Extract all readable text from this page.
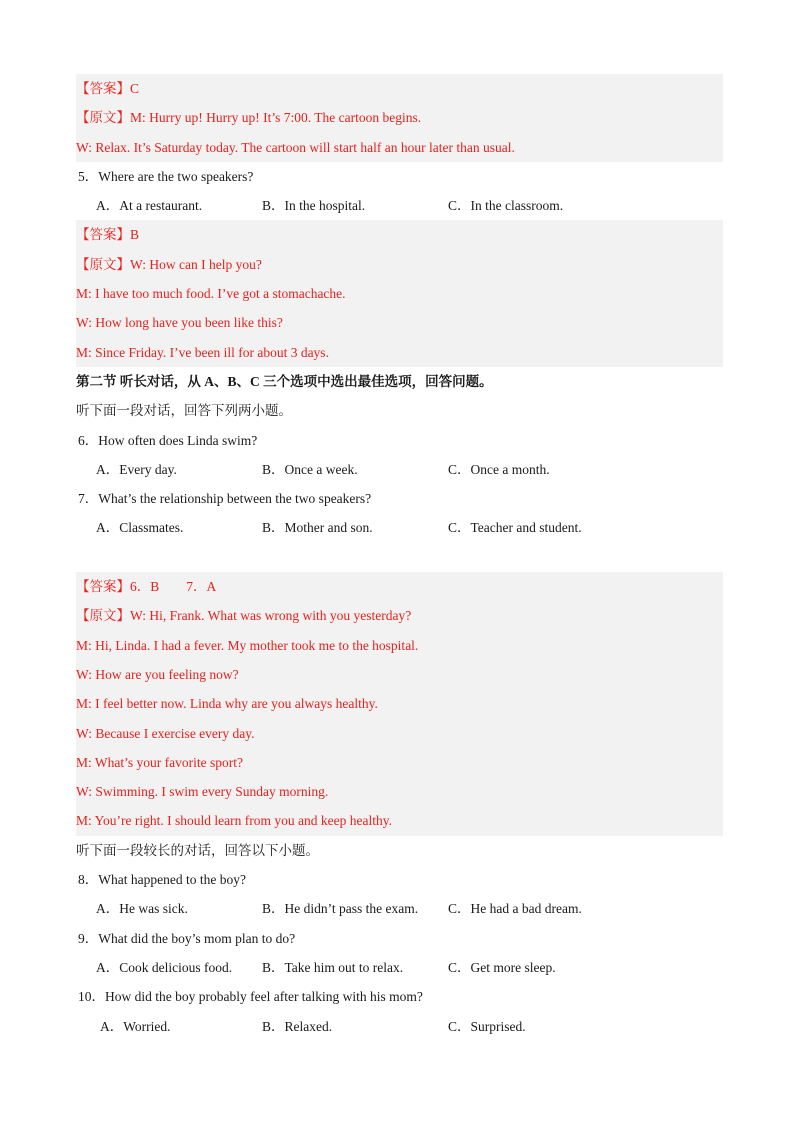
【答案】C
【原文】M: Hurry up! Hurry up! It’s 7:00. The cartoon begins.
W: Relax. It’s Saturday today. The cartoon will start half an hour later than usual.
5．Where are the two speakers?
A．At a restaurant.	B．In the hospital.	C．In the classroom.
【答案】B
【原文】W: How can I help you?
M: I have too much food. I’ve got a stomachache.
W: How long have you been like this?
M: Since Friday. I’ve been ill for about 3 days.
第二节 听长对话，从 A、B、C 三个选项中选出最佳选项，回答问题。
听下面一段对话，回答下列两小题。
6．How often does Linda swim?
A．Every day.	B．Once a week.	C．Once a month.
7．What’s the relationship between the two speakers?
A．Classmates.	B．Mother and son.	C．Teacher and student.
【答案】6．B　　7．A
【原文】W: Hi, Frank. What was wrong with you yesterday?
M: Hi, Linda. I had a fever. My mother took me to the hospital.
W: How are you feeling now?
M: I feel better now. Linda why are you always healthy.
W: Because I exercise every day.
M: What’s your favorite sport?
W: Swimming. I swim every Sunday morning.
M: You’re right. I should learn from you and keep healthy.
听下面一段较长的对话，回答以下小题。
8．What happened to the boy?
A．He was sick.	B．He didn’t pass the exam. C．He had a bad dream.
9．What did the boy’s mom plan to do?
A．Cook delicious food. B．Take him out to relax.	C．Get more sleep.
10．How did the boy probably feel after talking with his mom?
A．Worried.	B．Relaxed.	C．Surprised.
